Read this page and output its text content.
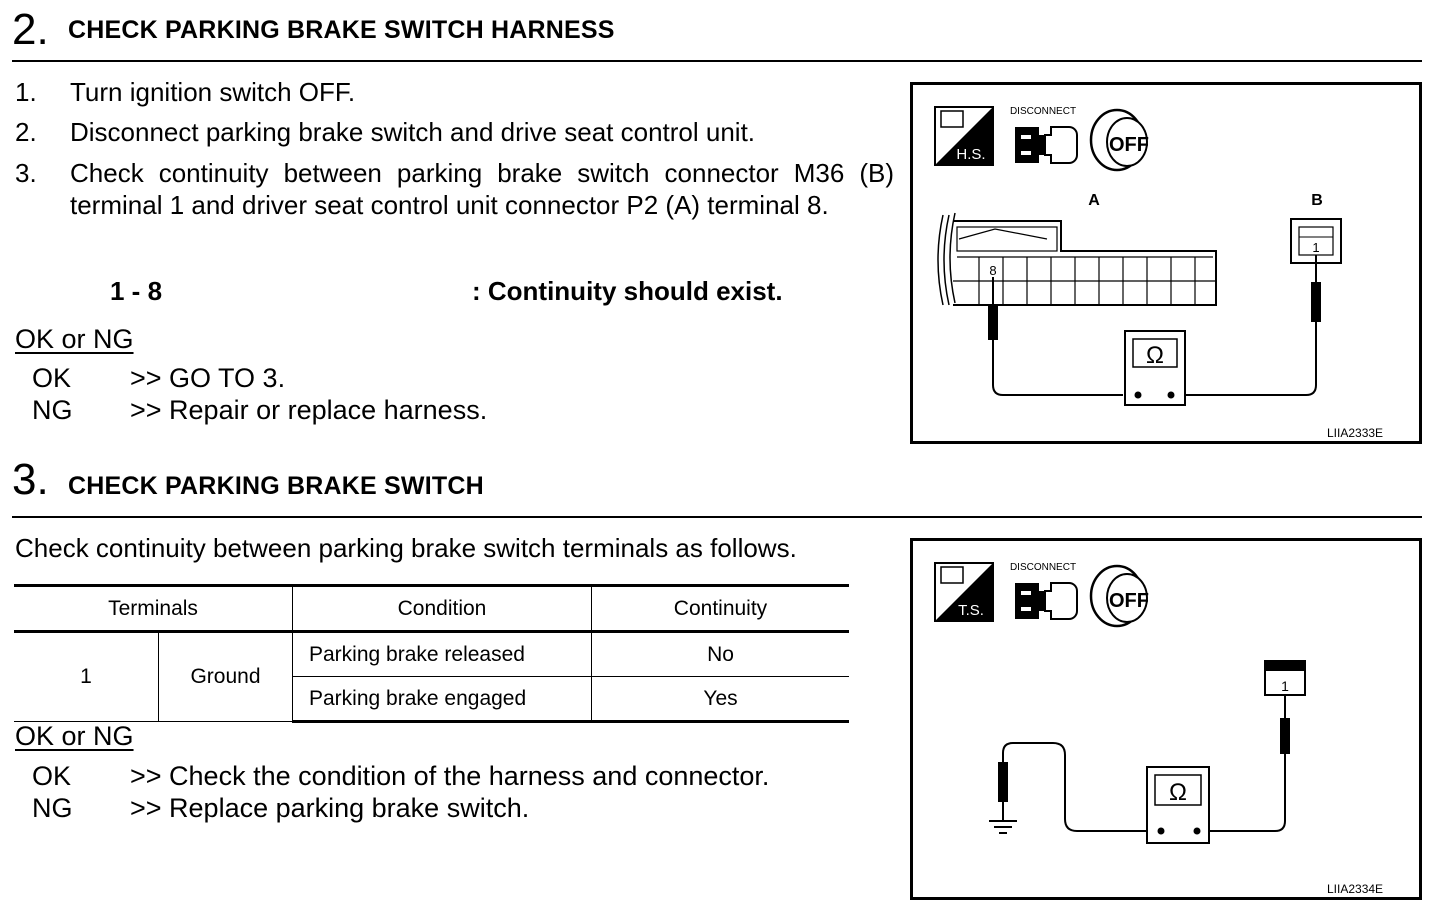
2. CHECK PARKING BRAKE SWITCH HARNESS
1. Turn ignition switch OFF.
2. Disconnect parking brake switch and drive seat control unit.
3. Check continuity between parking brake switch connector M36 (B) terminal 1 and driver seat control unit connector P2 (A) terminal 8.
1 - 8	: Continuity should exist.
OK or NG
OK >> GO TO 3.
NG >> Repair or replace harness.
H.S.
DISCONNECT
OFF
A	B
8
1
Ω
LIIA2333E
3. CHECK PARKING BRAKE SWITCH
Check continuity between parking brake switch terminals as follows.
Terminals		Condition	Continuity
1	Ground	Parking brake released	No
		Parking brake engaged	Yes
OK or NG
OK >> Check the condition of the harness and connector.
NG >> Replace parking brake switch.
T.S.
DISCONNECT
OFF
1
Ω
LIIA2334E
